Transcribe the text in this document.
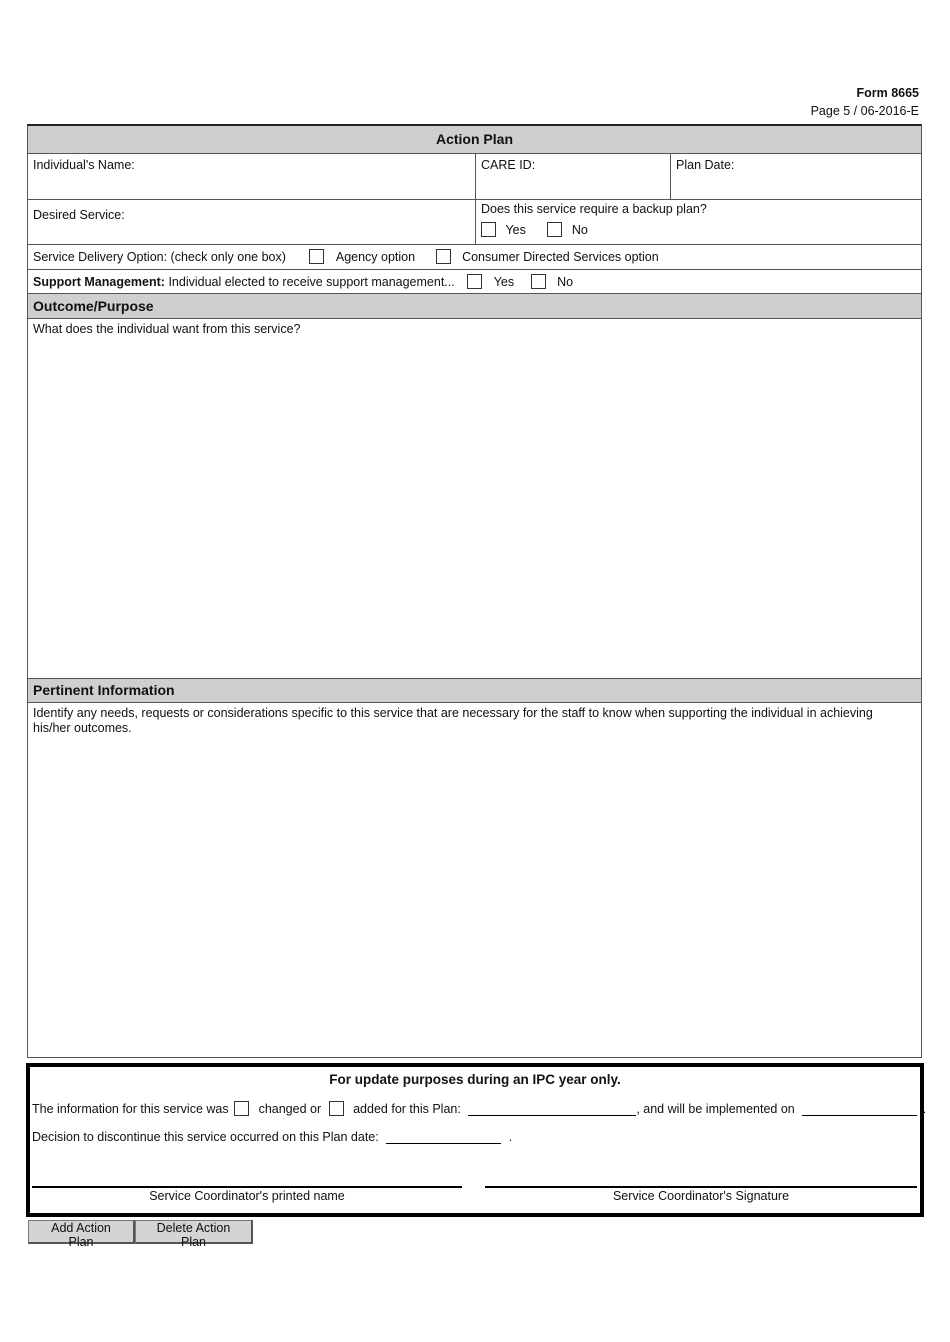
Form 8665
Page 5 / 06-2016-E
Action Plan
Individual's Name:	CARE ID:	Plan Date:
Desired Service:	Does this service require a backup plan?
Yes	No
Service Delivery Option: (check only one box)	Agency option	Consumer Directed Services option
Support Management: Individual elected to receive support management...	Yes	No
Outcome/Purpose
What does the individual want from this service?
Pertinent Information
Identify any needs, requests or considerations specific to this service that are necessary for the staff to know when supporting the individual in achieving his/her outcomes.
For update purposes during an IPC year only.
The information for this service was changed or	added for this Plan:	, and will be implemented on	.
Decision to discontinue this service occurred on this Plan date:	.
Service Coordinator's printed name	Service Coordinator's Signature
Add Action Plan
Delete Action Plan
